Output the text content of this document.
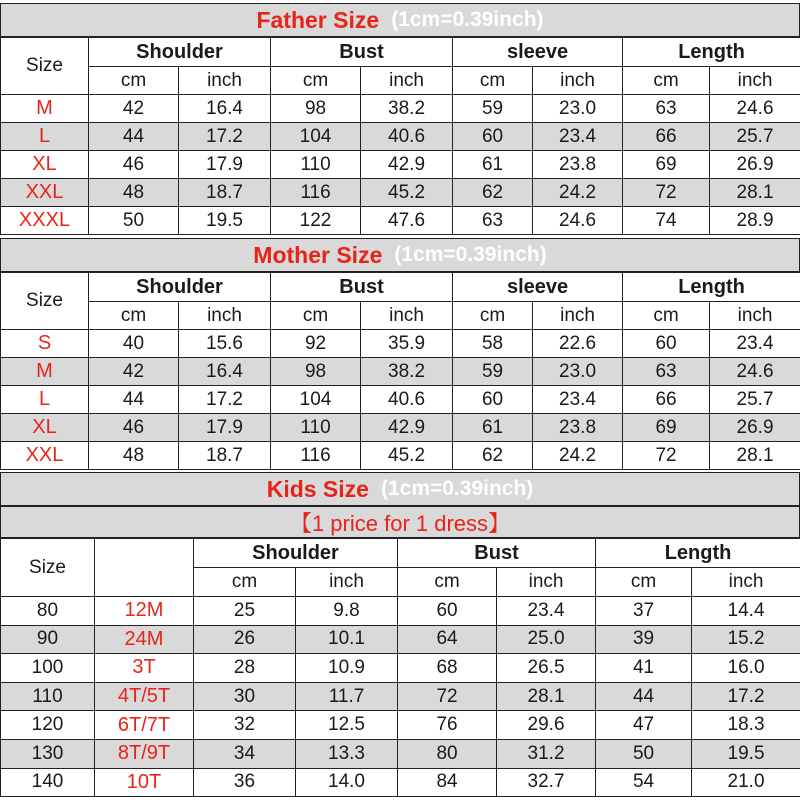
Father Size (1cm=0.39inch)
Size	Shoulder		Bust		sleeve		Length	
	cm	inch	cm	inch	cm	inch	cm	inch
M	42	16.4	98	38.2	59	23.0	63	24.6
L	44	17.2	104	40.6	60	23.4	66	25.7
XL	46	17.9	110	42.9	61	23.8	69	26.9
XXL	48	18.7	116	45.2	62	24.2	72	28.1
XXXL	50	19.5	122	47.6	63	24.6	74	28.9
Mother Size (1cm=0.39inch)
Size	Shoulder		Bust		sleeve		Length	
	cm	inch	cm	inch	cm	inch	cm	inch
S	40	15.6	92	35.9	58	22.6	60	23.4
M	42	16.4	98	38.2	59	23.0	63	24.6
L	44	17.2	104	40.6	60	23.4	66	25.7
XL	46	17.9	110	42.9	61	23.8	69	26.9
XXL	48	18.7	116	45.2	62	24.2	72	28.1
Kids Size (1cm=0.39inch)
【1 price for 1 dress】
Size		Shoulder		Bust		Length	
		cm	inch	cm	inch	cm	inch
80	12M	25	9.8	60	23.4	37	14.4
90	24M	26	10.1	64	25.0	39	15.2
100	3T	28	10.9	68	26.5	41	16.0
110	4T/5T	30	11.7	72	28.1	44	17.2
120	6T/7T	32	12.5	76	29.6	47	18.3
130	8T/9T	34	13.3	80	31.2	50	19.5
140	10T	36	14.0	84	32.7	54	21.0
